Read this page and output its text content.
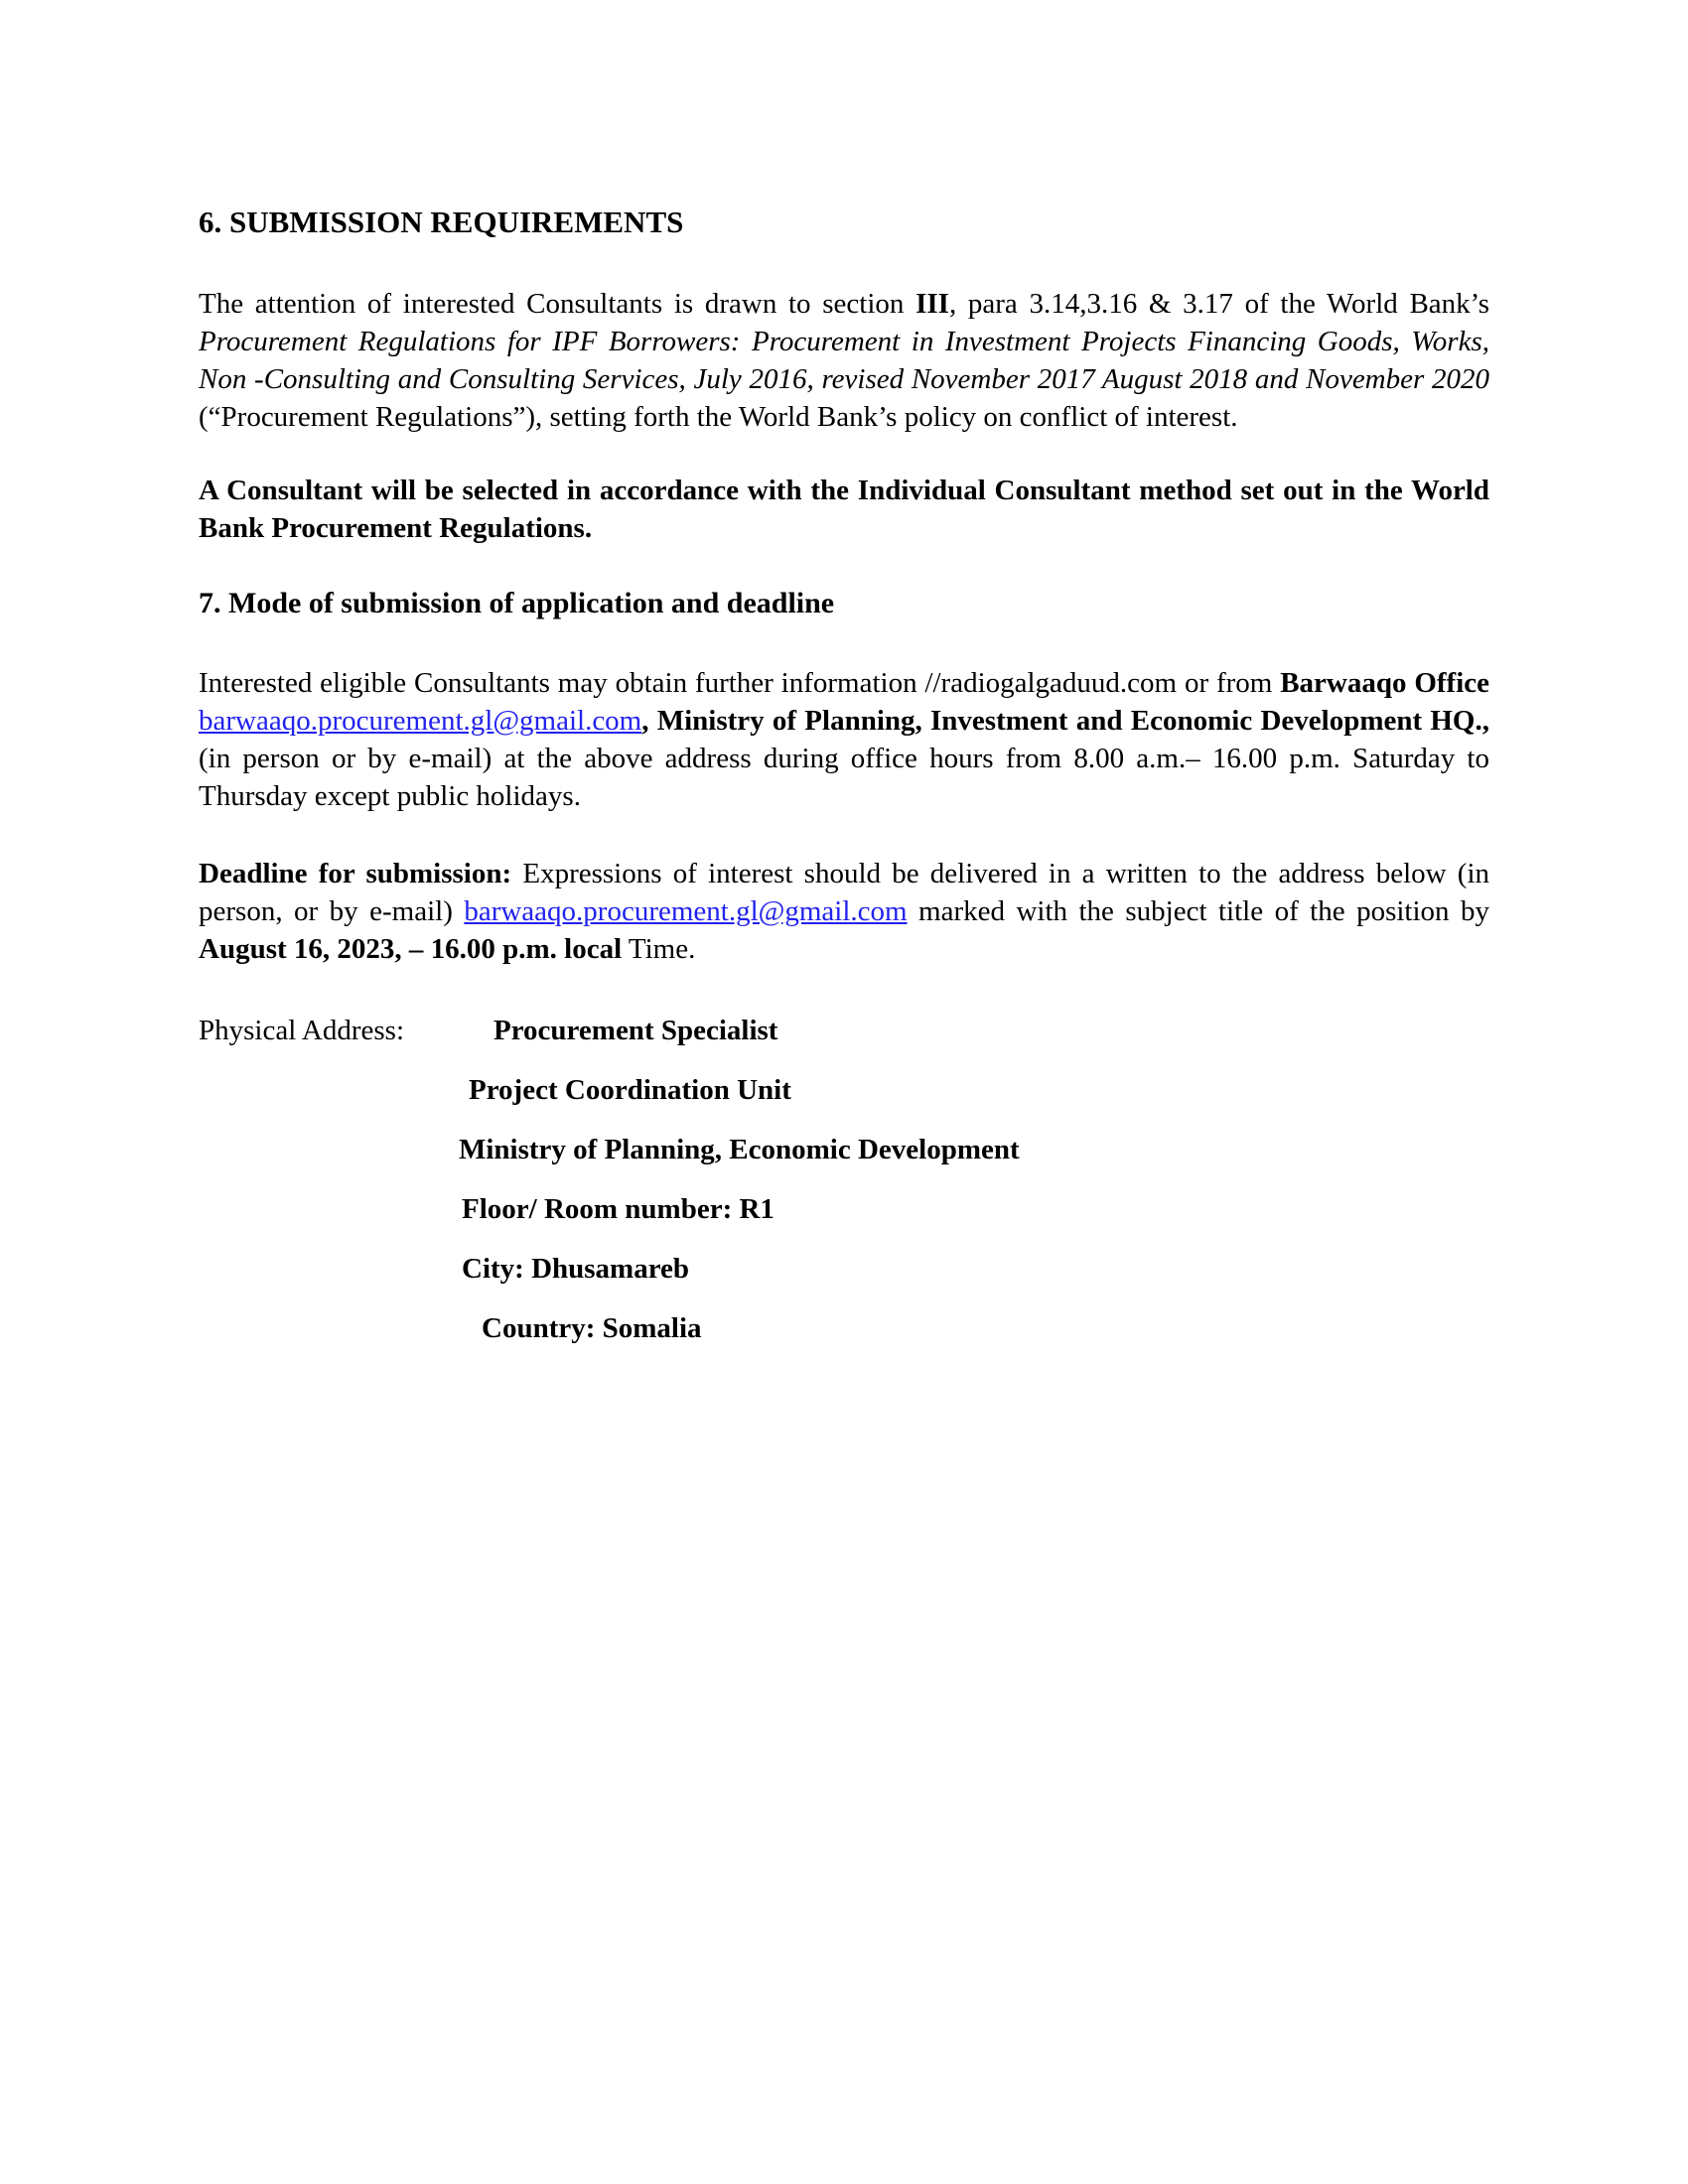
6. SUBMISSION REQUIREMENTS

The attention of interested Consultants is drawn to section III, para 3.14,3.16 & 3.17 of the World Bank’s Procurement Regulations for IPF Borrowers: Procurement in Investment Projects Financing Goods, Works, Non -Consulting and Consulting Services, July 2016, revised November 2017 August 2018 and November 2020 (“Procurement Regulations”), setting forth the World Bank’s policy on conflict of interest.

A Consultant will be selected in accordance with the Individual Consultant method set out in the World Bank Procurement Regulations.

7. Mode of submission of application and deadline

Interested eligible Consultants may obtain further information //radiogalgaduud.com or from Barwaaqo Office barwaaqo.procurement.gl@gmail.com, Ministry of Planning, Investment and Economic Development HQ., (in person or by e-mail) at the above address during office hours from 8.00 a.m.– 16.00 p.m. Saturday to Thursday except public holidays.

Deadline for submission: Expressions of interest should be delivered in a written to the address below (in person, or by e-mail) barwaaqo.procurement.gl@gmail.com marked with the subject title of the position by August 16, 2023, – 16.00 p.m. local Time.

Physical Address:	Procurement Specialist
Project Coordination Unit
Ministry of Planning, Economic Development
Floor/ Room number: R1
City: Dhusamareb
Country: Somalia
